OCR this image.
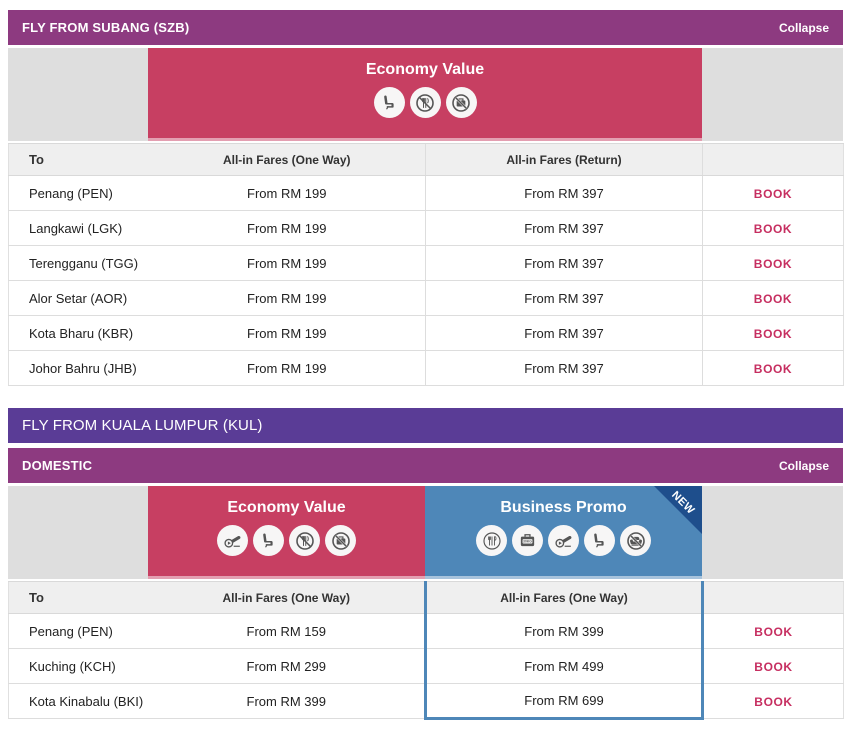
FLY FROM SUBANG (SZB)	Collapse
Economy Value
To	All-in Fares (One Way)	All-in Fares (Return)	
Penang (PEN)	From RM 199	From RM 397	BOOK
Langkawi (LGK)	From RM 199	From RM 397	BOOK
Terengganu (TGG)	From RM 199	From RM 397	BOOK
Alor Setar (AOR)	From RM 199	From RM 397	BOOK
Kota Bharu (KBR)	From RM 199	From RM 397	BOOK
Johor Bahru (JHB)	From RM 199	From RM 397	BOOK
FLY FROM KUALA LUMPUR (KUL)
DOMESTIC	Collapse
Economy Value	NEW
Business Promo
30KG
To	All-in Fares (One Way)	All-in Fares (One Way)	
Penang (PEN)	From RM 159	From RM 399	BOOK
Kuching (KCH)	From RM 299	From RM 499	BOOK
Kota Kinabalu (BKI)	From RM 399	From RM 699	BOOK
